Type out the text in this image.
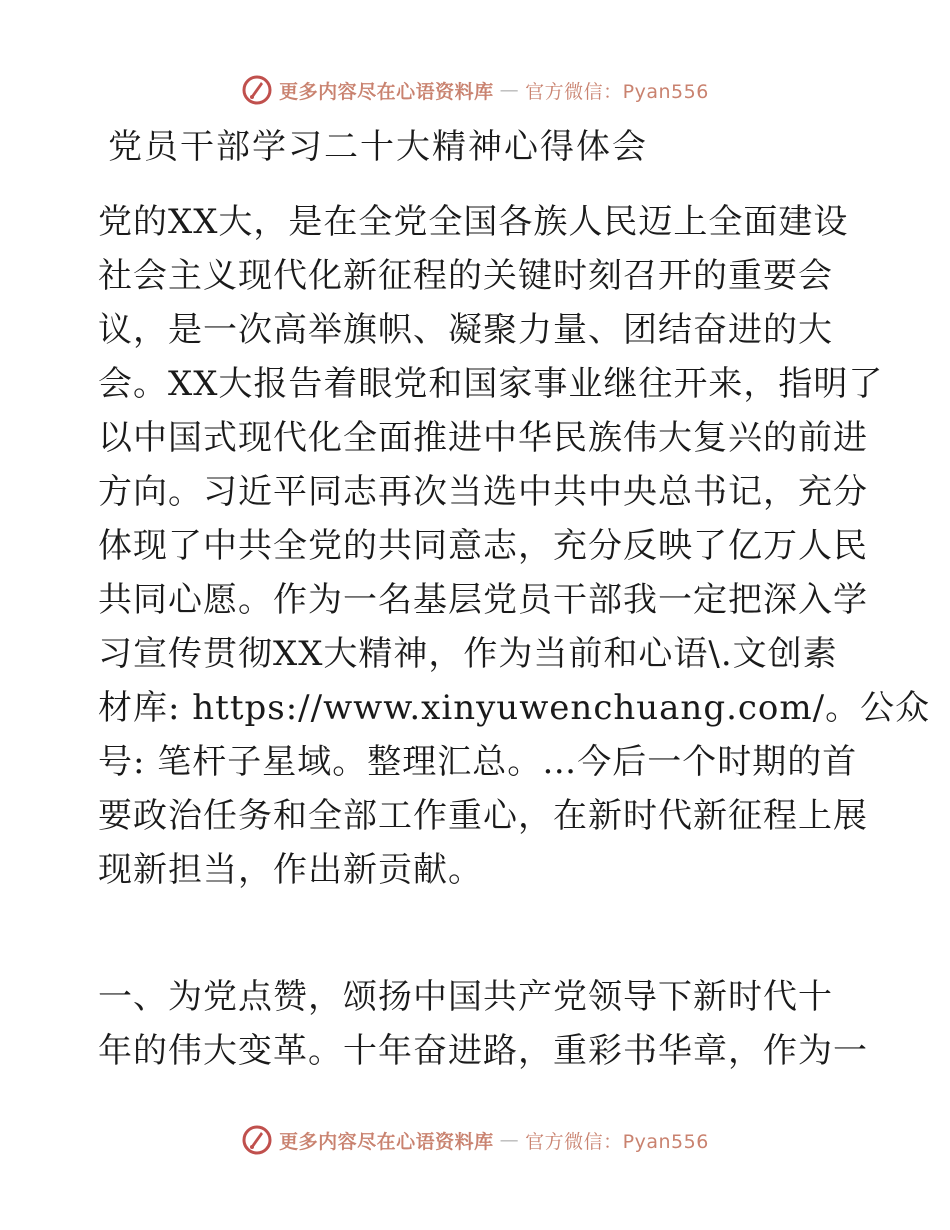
更多内容尽在心语资料库 — 官方微信：Pyan556
党员干部学习二十大精神心得体会
党的XX大，是在全党全国各族人民迈上全面建设
社会主义现代化新征程的关键时刻召开的重要会
议，是一次高举旗帜、凝聚力量、团结奋进的大
会。XX大报告着眼党和国家事业继往开来，指明了
以中国式现代化全面推进中华民族伟大复兴的前进
方向。习近平同志再次当选中共中央总书记，充分
体现了中共全党的共同意志，充分反映了亿万人民
共同心愿。作为一名基层党员干部我一定把深入学
习宣传贯彻XX大精神，作为当前和心语\.文创素
材库: https://www.xinyuwenchuang.com/。公众
号: 笔杆子星域。整理汇总。…今后一个时期的首
要政治任务和全部工作重心，在新时代新征程上展
现新担当，作出新贡献。
一、为党点赞，颂扬中国共产党领导下新时代十
年的伟大变革。十年奋进路，重彩书华章，作为一
更多内容尽在心语资料库 — 官方微信：Pyan556
